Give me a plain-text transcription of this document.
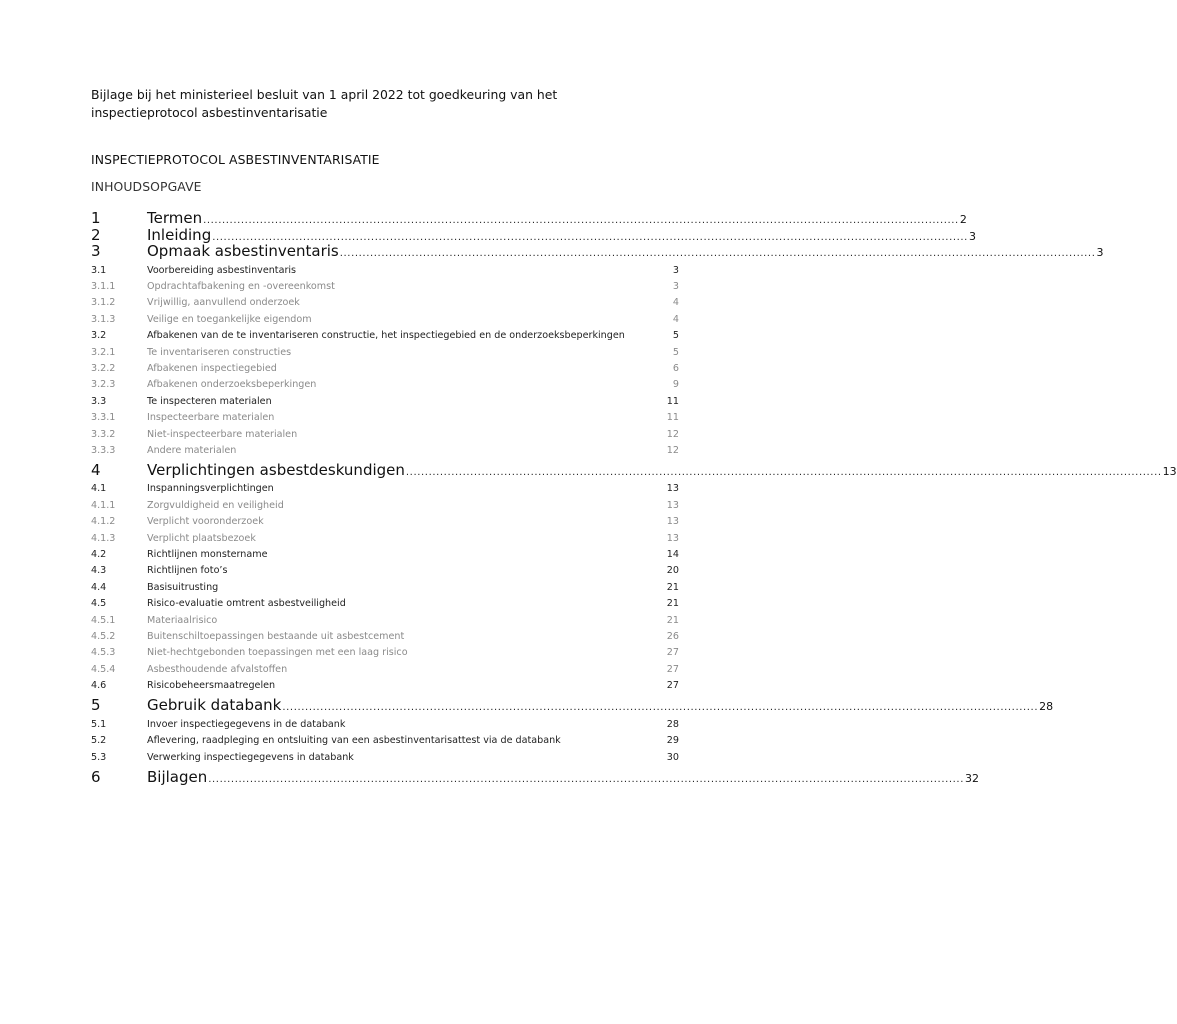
Bijlage bij het ministerieel besluit van 1 april 2022 tot goedkeuring van het inspectieprotocol asbestinventarisatie
INSPECTIEPROTOCOL ASBESTINVENTARISATIE
INHOUDSOPGAVE
1	Termen ........................................................................................................................................................................................................ 2
2	Inleiding ........................................................................................................................................................................................................ 3
3	Opmaak asbestinventaris ........................................................................................................................................................................................................ 3
3.1	Voorbereiding asbestinventaris	3
3.1.1	Opdrachtafbakening en -overeenkomst	3
3.1.2	Vrijwillig, aanvullend onderzoek	4
3.1.3	Veilige en toegankelijke eigendom	4
3.2	Afbakenen van de te inventariseren constructie, het inspectiegebied en de onderzoeksbeperkingen	5
3.2.1	Te inventariseren constructies	5
3.2.2	Afbakenen inspectiegebied	6
3.2.3	Afbakenen onderzoeksbeperkingen	9
3.3	Te inspecteren materialen	11
3.3.1	Inspecteerbare materialen	11
3.3.2	Niet-inspecteerbare materialen	12
3.3.3	Andere materialen	12
4	Verplichtingen asbestdeskundigen ........................................................................................................................................................................................................ 13
4.1	Inspanningsverplichtingen	13
4.1.1	Zorgvuldigheid en veiligheid	13
4.1.2	Verplicht vooronderzoek	13
4.1.3	Verplicht plaatsbezoek	13
4.2	Richtlijnen monstername	14
4.3	Richtlijnen foto’s	20
4.4	Basisuitrusting	21
4.5	Risico-evaluatie omtrent asbestveiligheid	21
4.5.1	Materiaalrisico	21
4.5.2	Buitenschiltoepassingen bestaande uit asbestcement	26
4.5.3	Niet-hechtgebonden toepassingen met een laag risico	27
4.5.4	Asbesthoudende afvalstoffen	27
4.6	Risicobeheersmaatregelen	27
5	Gebruik databank ........................................................................................................................................................................................................ 28
5.1	Invoer inspectiegegevens in de databank	28
5.2	Aflevering, raadpleging en ontsluiting van een asbestinventarisattest via de databank	29
5.3	Verwerking inspectiegegevens in databank	30
6	Bijlagen ........................................................................................................................................................................................................ 32
